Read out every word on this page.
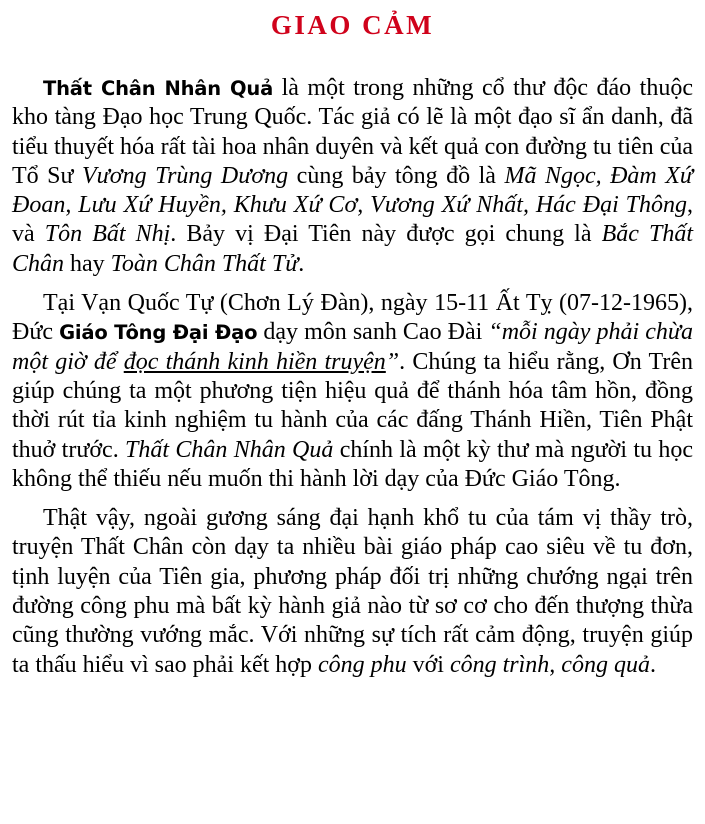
GIAO CẢM

Thất Chân Nhân Quả là một trong những cổ thư độc đáo thuộc kho tàng Đạo học Trung Quốc. Tác giả có lẽ là một đạo sĩ ẩn danh, đã tiểu thuyết hóa rất tài hoa nhân duyên và kết quả con đường tu tiên của Tổ Sư Vương Trùng Dương cùng bảy tông đồ là Mã Ngọc, Đàm Xứ Đoan, Lưu Xứ Huyền, Khưu Xứ Cơ, Vương Xứ Nhất, Hác Đại Thông, và Tôn Bất Nhị. Bảy vị Đại Tiên này được gọi chung là Bắc Thất Chân hay Toàn Chân Thất Tử.

Tại Vạn Quốc Tự (Chơn Lý Đàn), ngày 15-11 Ất Tỵ (07-12-1965), Đức Giáo Tông Đại Đạo dạy môn sanh Cao Đài “mỗi ngày phải chừa một giờ để đọc thánh kinh hiền truyện”. Chúng ta hiểu rằng, Ơn Trên giúp chúng ta một phương tiện hiệu quả để thánh hóa tâm hồn, đồng thời rút tỉa kinh nghiệm tu hành của các đấng Thánh Hiền, Tiên Phật thuở trước. Thất Chân Nhân Quả chính là một kỳ thư mà người tu học không thể thiếu nếu muốn thi hành lời dạy của Đức Giáo Tông.

Thật vậy, ngoài gương sáng đại hạnh khổ tu của tám vị thầy trò, truyện Thất Chân còn dạy ta nhiều bài giáo pháp cao siêu về tu đơn, tịnh luyện của Tiên gia, phương pháp đối trị những chướng ngại trên đường công phu mà bất kỳ hành giả nào từ sơ cơ cho đến thượng thừa cũng thường vướng mắc. Với những sự tích rất cảm động, truyện giúp ta thấu hiểu vì sao phải kết hợp công phu với công trình, công quả.
